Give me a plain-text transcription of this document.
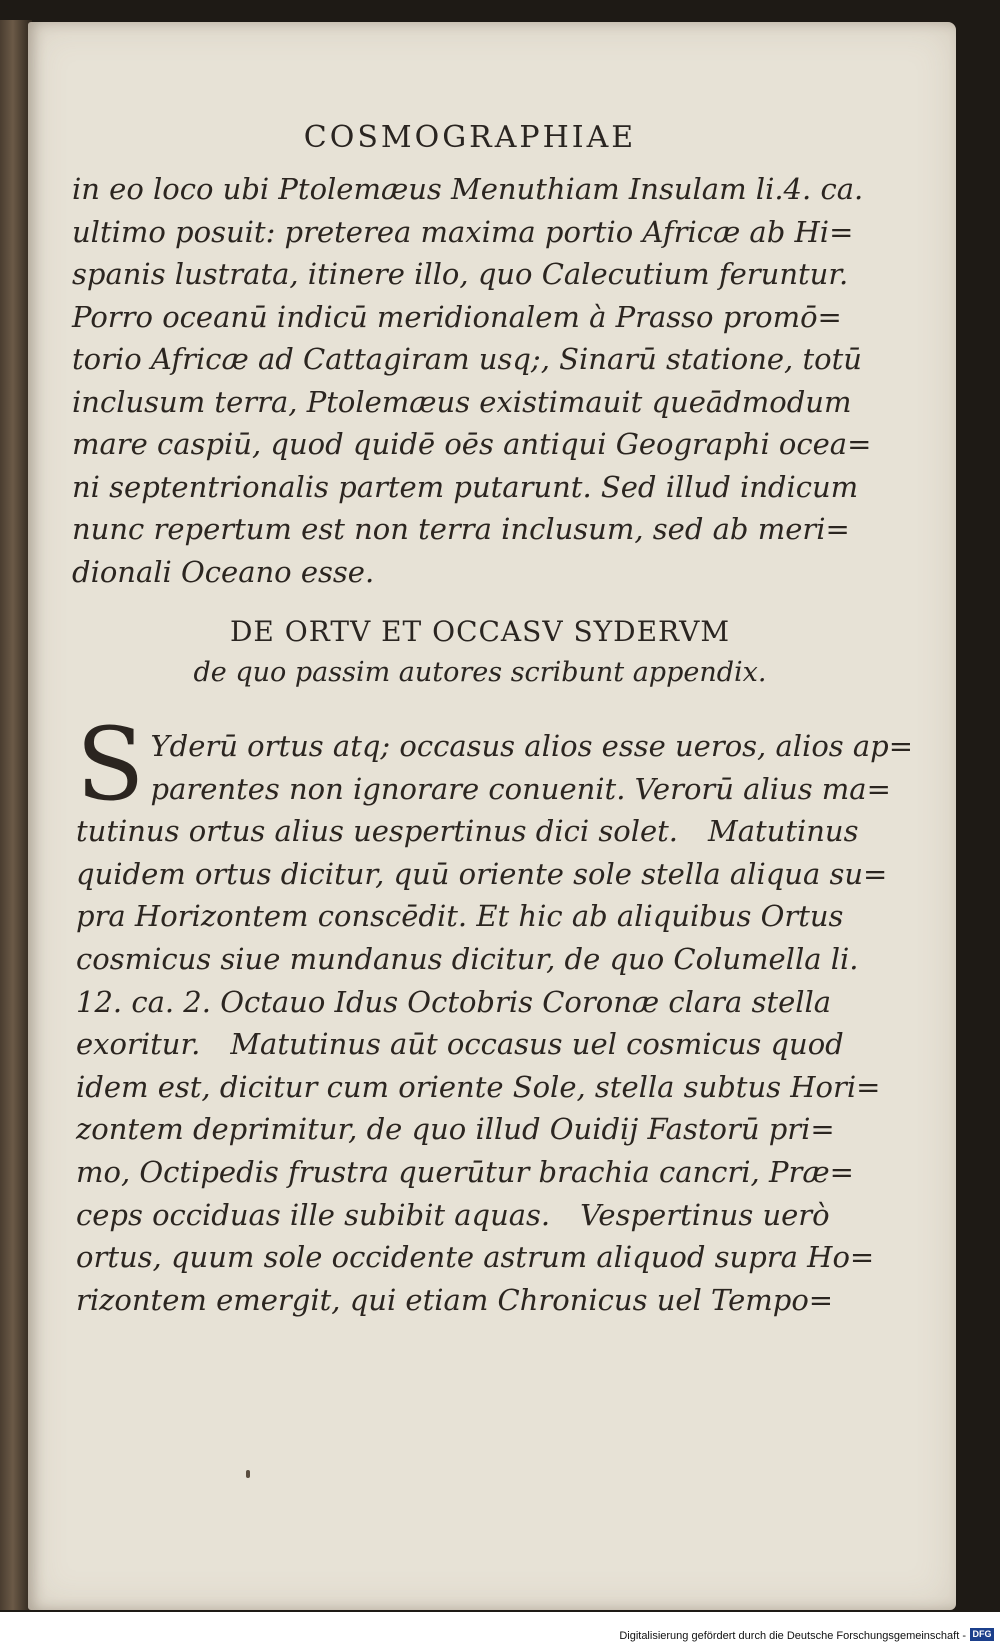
COSMOGRAPHIAE
in eo loco ubi Ptolemæus Menuthiam Insulam li.4. ca.
ultimo posuit: preterea maxima portio Africæ ab Hi=
spanis lustrata, itinere illo, quo Calecutium feruntur.
Porro oceanū indicū meridionalem à Prasso promō=
torio Africæ ad Cattagiram usq;, Sinarū statione, totū
inclusum terra, Ptolemæus existimauit queādmodum
mare caspiū, quod quidē oēs antiqui Geographi ocea=
ni septentrionalis partem putarunt. Sed illud indicum
nunc repertum est non terra inclusum, sed ab meri=
dionali Oceano esse.
DE ORTV ET OCCASV SYDERVM
de quo passim autores scribunt appendix.
S Yderū ortus atq; occasus alios esse ueros, alios ap=
parentes non ignorare conuenit. Verorū alius ma=
tutinus ortus alius uespertinus dici solet. Matutinus
quidem ortus dicitur, quū oriente sole stella aliqua su=
pra Horizontem conscēdit. Et hic ab aliquibus Ortus
cosmicus siue mundanus dicitur, de quo Columella li.
12. ca. 2. Octauo Idus Octobris Coronæ clara stella
exoritur. Matutinus aūt occasus uel cosmicus quod
idem est, dicitur cum oriente Sole, stella subtus Hori=
zontem deprimitur, de quo illud Ouidij Fastorū pri=
mo, Octipedis frustra querūtur brachia cancri, Præ=
ceps occiduas ille subibit aquas. Vespertinus uerò
ortus, quum sole occidente astrum aliquod supra Ho=
rizontem emergit, qui etiam Chronicus uel Tempo=
Digitalisierung gefördert durch die Deutsche Forschungsgemeinschaft - DFG
